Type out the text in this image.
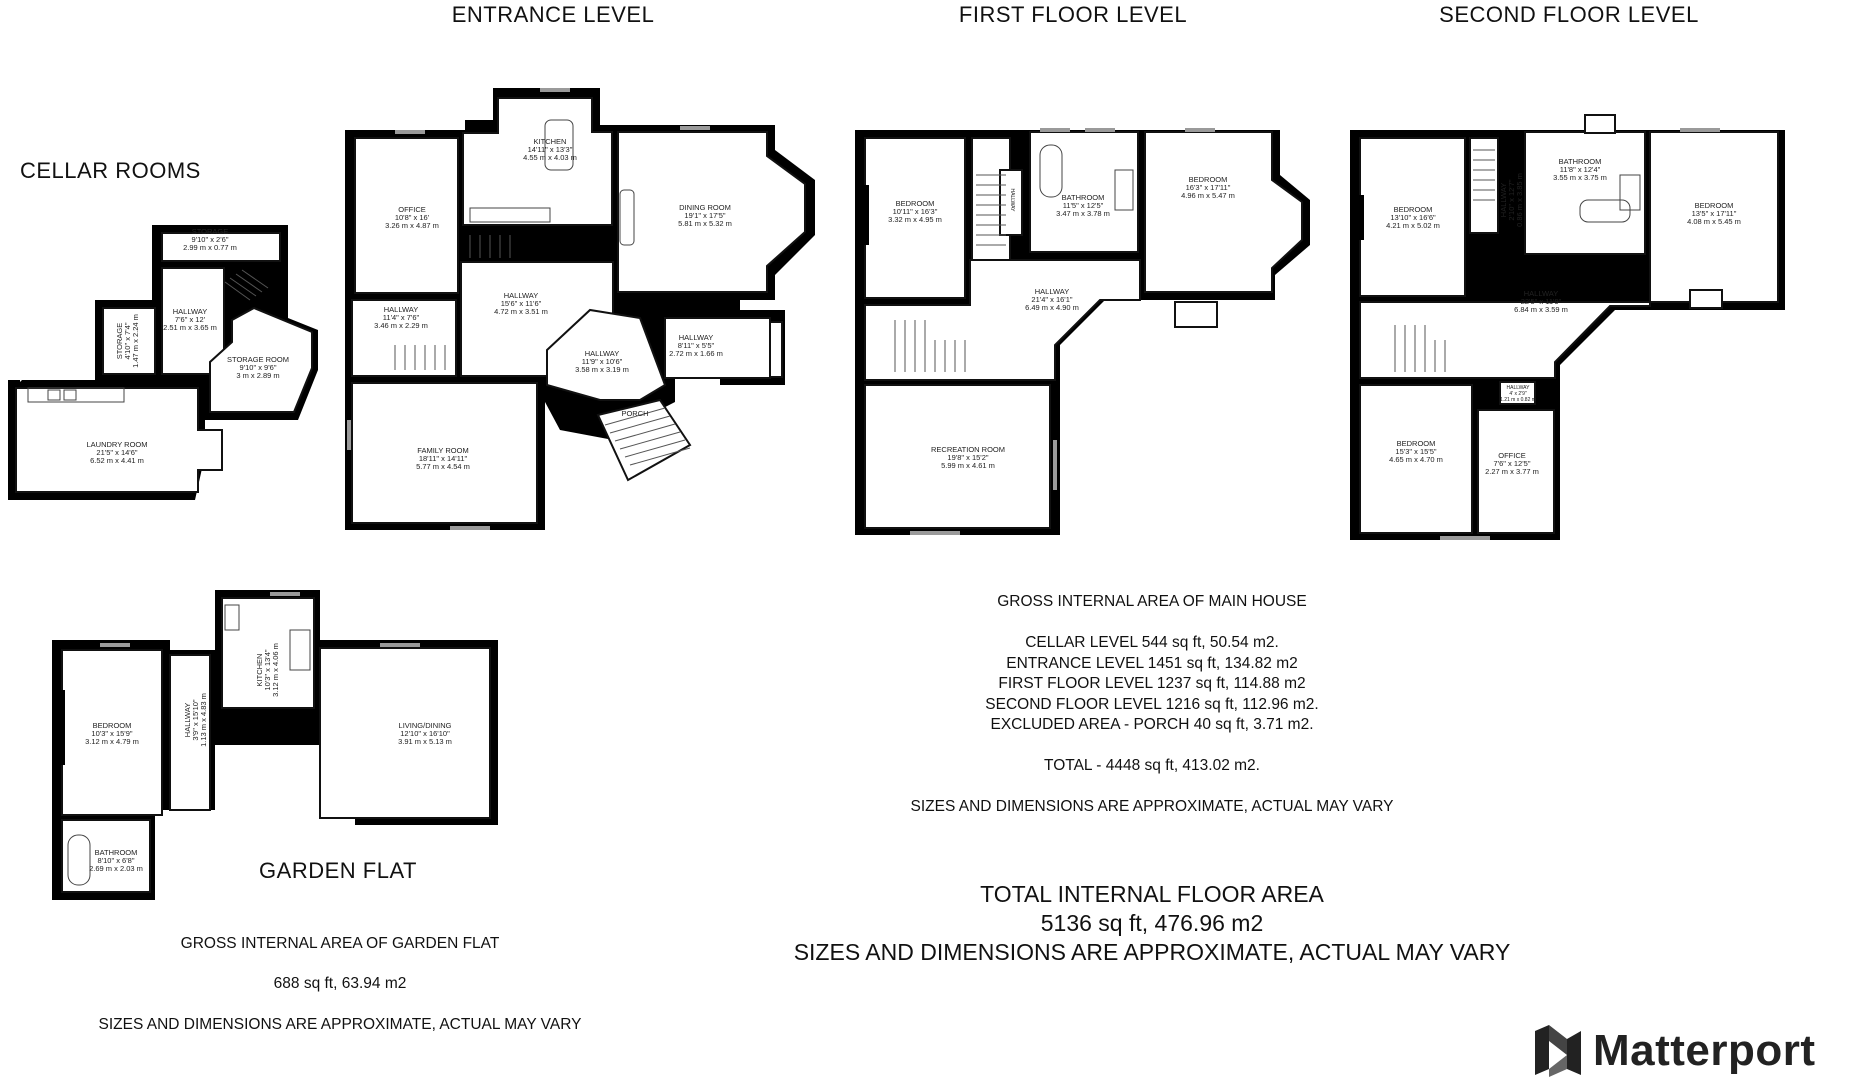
CELLAR ROOMS
ENTRANCE LEVEL	FIRST FLOOR LEVEL	SECOND FLOOR LEVEL
GARDEN FLAT
STORAGE 9'10" x 2'6" 2.99 m x 0.77 m
HALLWAY 7'6" x 12' 2.51 m x 3.65 m
STORAGE4'10" x 7'4"1.47 m x 2.24 m	STORAGE ROOM 9'10" x 9'6" 3 m x 2.89 m
LAUNDRY ROOM 21'5" x 14'6" 6.52 m x 4.41 m
OFFICE 10'8" x 16' 3.26 m x 4.87 m
KITCHEN 14'11" x 13'3" 4.55 m x 4.03 m
DINING ROOM 19'1" x 17'5" 5.81 m x 5.32 m
HALLWAY 11'4" x 7'6" 3.46 m x 2.29 m
HALLWAY 15'6" x 11'6" 4.72 m x 3.51 m
HALLWAY 11'9" x 10'6" 3.58 m x 3.19 m
HALLWAY 8'11" x 5'5" 2.72 m x 1.66 m
FAMILY ROOM 18'11" x 14'11" 5.77 m x 4.54 m
PORCH
BEDROOM 10'11" x 16'3" 3.32 m x 4.95 m
BATHROOM 11'5" x 12'5" 3.47 m x 3.78 m
BEDROOM 16'3" x 17'11" 4.96 m x 5.47 m
HALLWAY 21'4" x 16'1" 6.49 m x 4.90 m
RECREATION ROOM 19'8" x 15'2" 5.99 m x 4.61 m
HALLWAY	BEDROOM 13'10" x 16'6" 4.21 m x 5.02 m
HALLWAY2'10" x 12'7"0.86 m x 3.85 m
BATHROOM 11'8" x 12'4" 3.55 m x 3.75 m
BEDROOM 13'5" x 17'11" 4.08 m x 5.45 m
HALLWAY 22'5" x 11'9" 6.84 m x 3.59 m
HALLWAY 4' x 2'9" 1.21 m x 0.82 m
BEDROOM 15'3" x 15'5" 4.65 m x 4.70 m	OFFICE 7'6" x 12'5" 2.27 m x 3.77 m
BEDROOM 10'3" x 15'9" 3.12 m x 4.79 m
HALLWAY3'9" x 15'10"1.13 m x 4.83 m
KITCHEN10'3" x 13'4"3.12 m x 4.06 m
LIVING/DINING 12'10" x 16'10" 3.91 m x 5.13 m
BATHROOM 8'10" x 6'8" 2.69 m x 2.03 m
GROSS INTERNAL AREA OF MAIN HOUSE
CELLAR LEVEL 544 sq ft, 50.54 m2.
ENTRANCE LEVEL 1451 sq ft, 134.82 m2
FIRST FLOOR LEVEL 1237 sq ft, 114.88 m2
SECOND FLOOR LEVEL 1216 sq ft, 112.96 m2.
EXCLUDED AREA - PORCH 40 sq ft, 3.71 m2.
TOTAL - 4448 sq ft, 413.02 m2.
SIZES AND DIMENSIONS ARE APPROXIMATE, ACTUAL MAY VARY
GROSS INTERNAL AREA OF GARDEN FLAT
688 sq ft, 63.94 m2
SIZES AND DIMENSIONS ARE APPROXIMATE, ACTUAL MAY VARY
TOTAL INTERNAL FLOOR AREA
5136 sq ft, 476.96 m2
SIZES AND DIMENSIONS ARE APPROXIMATE, ACTUAL MAY VARY
Matterport
